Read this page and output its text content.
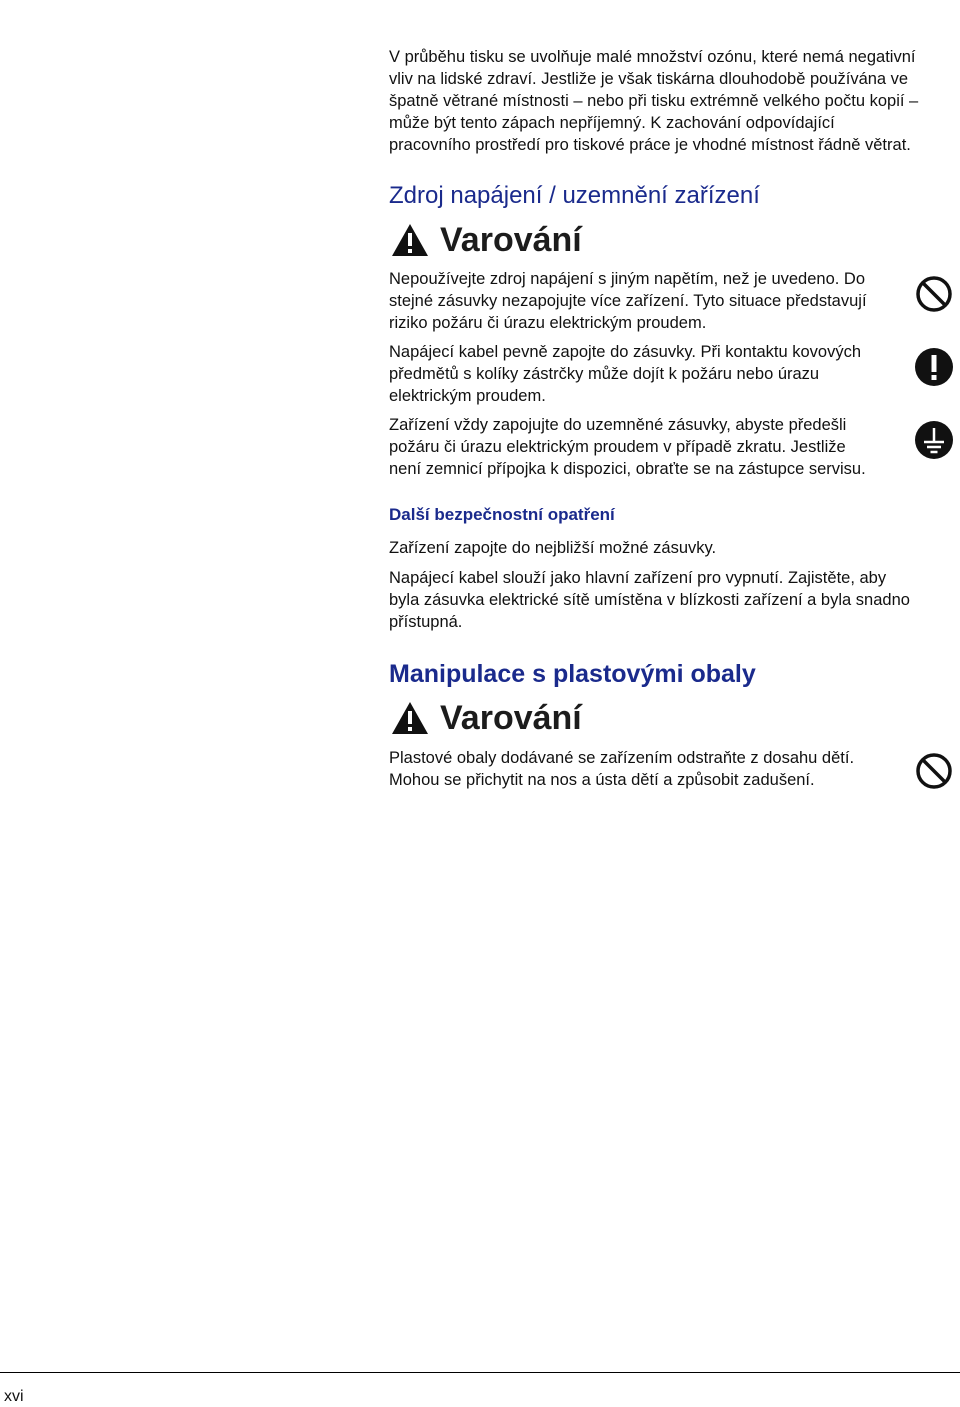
V průběhu tisku se uvolňuje malé množství ozónu, které nemá negativní
vliv na lidské zdraví. Jestliže je však tiskárna dlouhodobě používána ve
špatně větrané místnosti – nebo při tisku extrémně velkého počtu kopií –
může být tento zápach nepříjemný. K zachování odpovídající
pracovního prostředí pro tiskové práce je vhodné místnost řádně větrat.
Zdroj napájení / uzemnění zařízení
Varování
Nepoužívejte zdroj napájení s jiným napětím, než je uvedeno. Do
stejné zásuvky nezapojujte více zařízení. Tyto situace představují
riziko požáru či úrazu elektrickým proudem.
Napájecí kabel pevně zapojte do zásuvky. Při kontaktu kovových
předmětů s kolíky zástrčky může dojít k požáru nebo úrazu
elektrickým proudem.
Zařízení vždy zapojujte do uzemněné zásuvky, abyste předešli
požáru či úrazu elektrickým proudem v případě zkratu. Jestliže
není zemnicí přípojka k dispozici, obraťte se na zástupce servisu.
Další bezpečnostní opatření
Zařízení zapojte do nejbližší možné zásuvky.
Napájecí kabel slouží jako hlavní zařízení pro vypnutí. Zajistěte, aby
byla zásuvka elektrické sítě umístěna v blízkosti zařízení a byla snadno
přístupná.
Manipulace s plastovými obaly
Varování
Plastové obaly dodávané se zařízením odstraňte z dosahu dětí.
Mohou se přichytit na nos a ústa dětí a způsobit zadušení.
xvi
